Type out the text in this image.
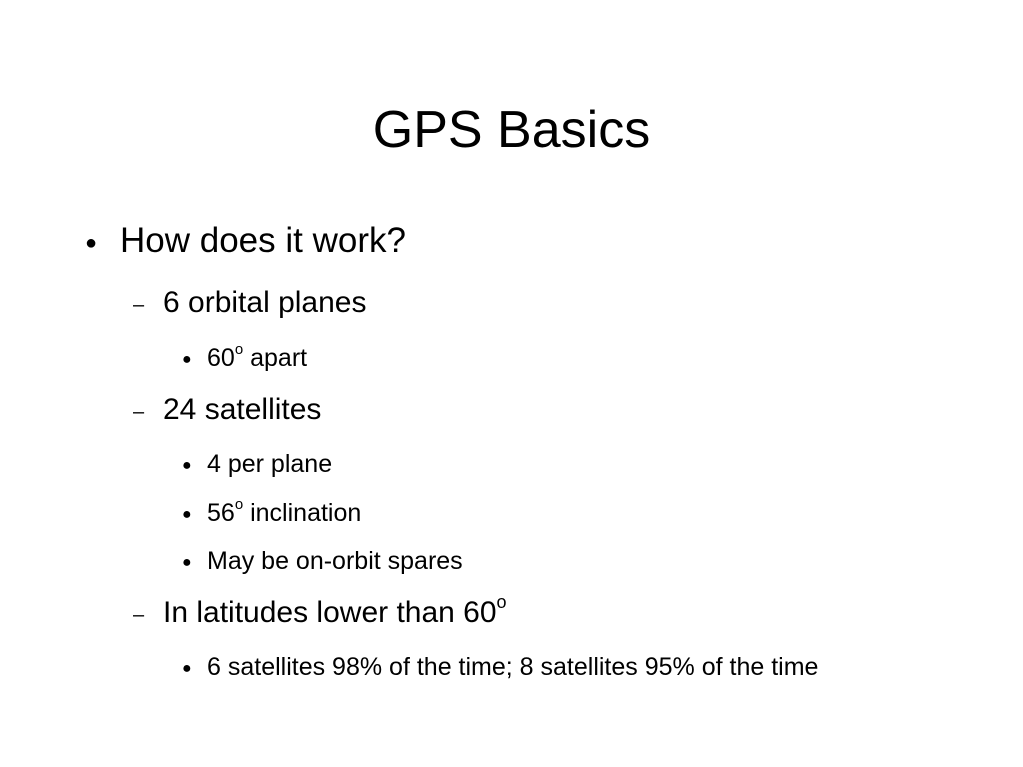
GPS Basics
● How does it work?
– 6 orbital planes
● 60$^o$ apart
– 24 satellites
● 4 per plane
● 56$^o$ inclination
● May be on-orbit spares
– In latitudes lower than 60$^o$
● 6 satellites 98% of the time; 8 satellites 95% of the time
